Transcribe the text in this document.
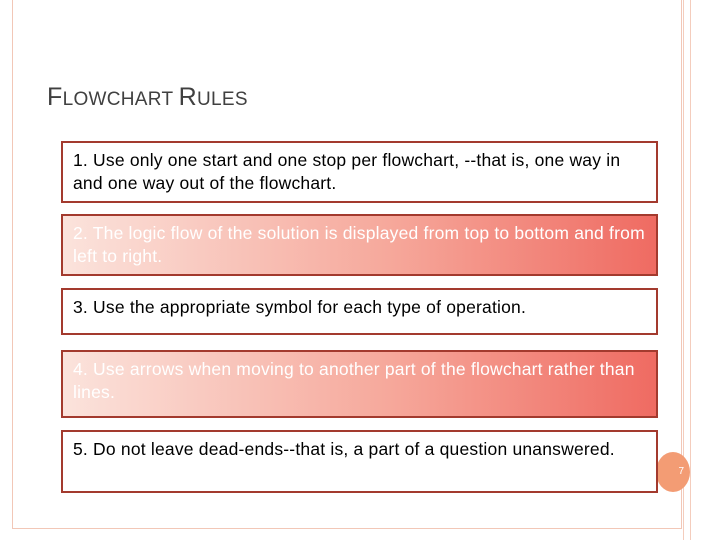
FLOWCHART RULES
1. Use only one start and one stop per flowchart, --that is, one way in and one way out of the flowchart.
2. The logic flow of the solution is displayed from top to bottom and from left to right.
3. Use the appropriate symbol for each type of operation.
4. Use arrows when moving to another part of the flowchart rather than lines.
7
5. Do not leave dead-ends--that is, a part of a question unanswered.
